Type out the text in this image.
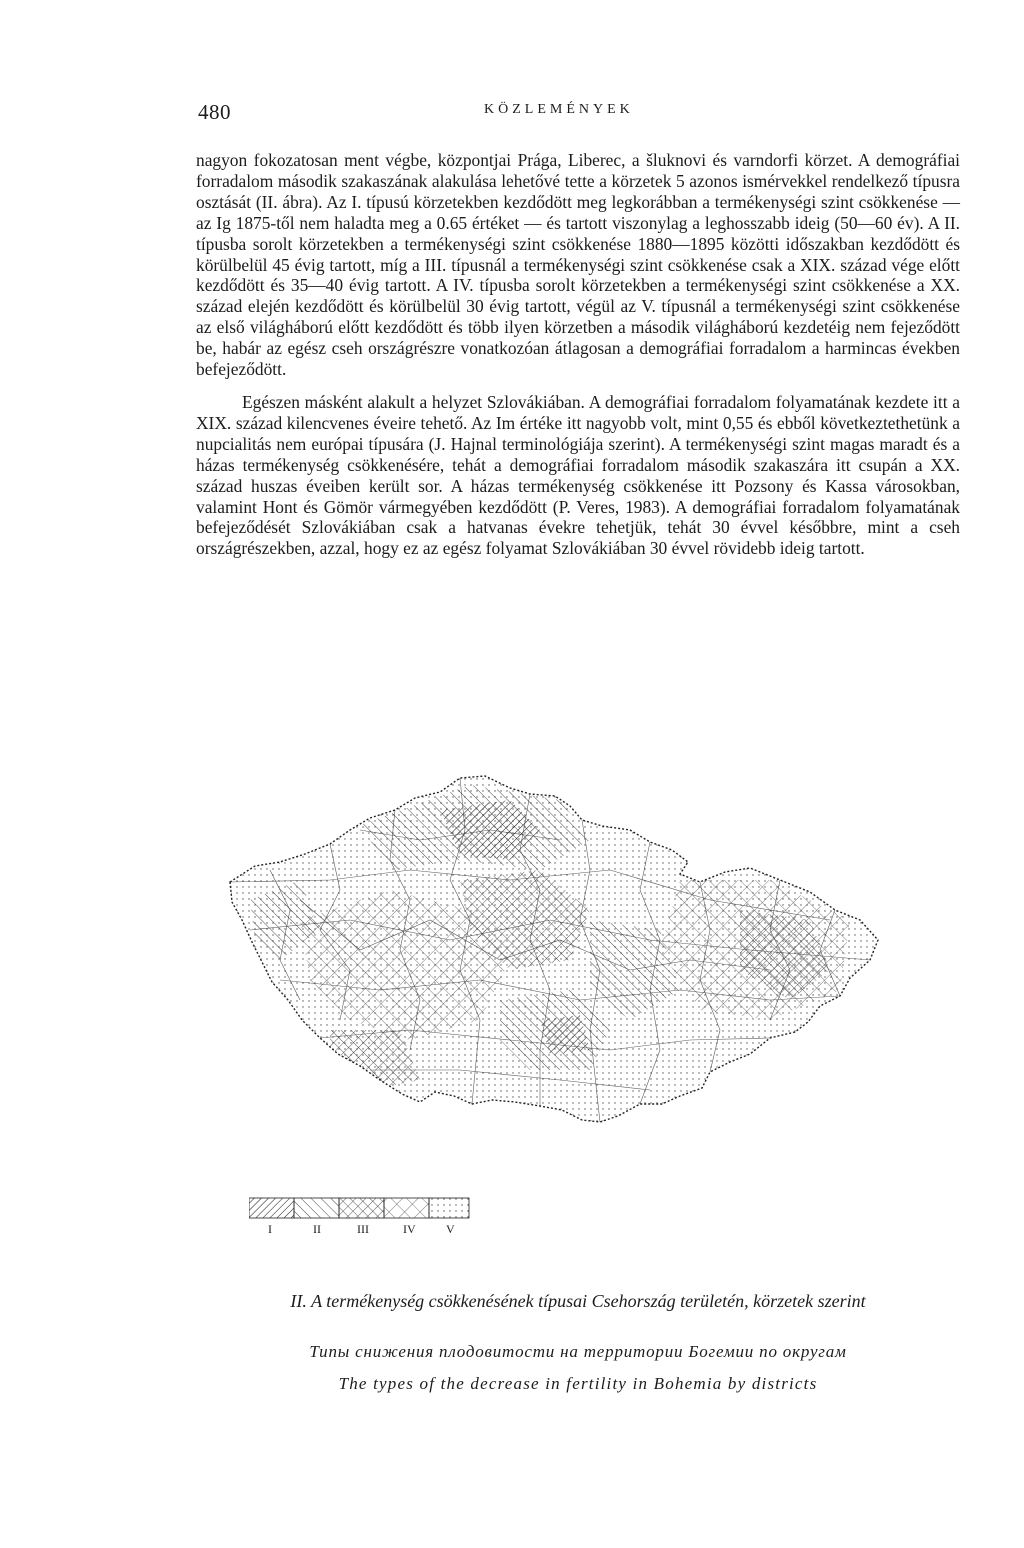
480	KÖZLEMÉNYEK

nagyon fokozatosan ment végbe, központjai Prága, Liberec, a šluknovi és varndorfi körzet. A demográfiai forradalom második szakaszának alakulása lehetővé tette a körzetek 5 azonos ismérvekkel rendelkező típusra osztását (II. ábra). Az I. típusú körzetekben kezdődött meg legkorábban a termékenységi szint csökkenése — az Ig 1875-től nem haladta meg a 0.65 értéket — és tartott viszonylag a leghosszabb ideig (50—60 év). A II. típusba sorolt körzetekben a termékenységi szint csökkenése 1880—1895 közötti időszakban kezdődött és körülbelül 45 évig tartott, míg a III. típusnál a termékenységi szint csökkenése csak a XIX. század vége előtt kezdődött és 35—40 évig tartott. A IV. típusba sorolt körzetekben a termékenységi szint csökkenése a XX. század elején kezdődött és körülbelül 30 évig tartott, végül az V. típusnál a termékenységi szint csökkenése az első világháború előtt kezdődött és több ilyen körzetben a második világháború kezdetéig nem fejeződött be, habár az egész cseh országrészre vonatkozóan átlagosan a demográfiai forradalom a harmincas években befejeződött.

Egészen másként alakult a helyzet Szlovákiában. A demográfiai forradalom folyamatának kezdete itt a XIX. század kilencvenes éveire tehető. Az Im értéke itt nagyobb volt, mint 0,55 és ebből következtethetünk a nupcialitás nem európai típusára (J. Hajnal terminológiája szerint). A termékenységi szint magas maradt és a házas termékenység csökkenésére, tehát a demográfiai forradalom második szakaszára itt csupán a XX. század huszas éveiben került sor. A házas termékenység csökkenése itt Pozsony és Kassa városokban, valamint Hont és Gömör vármegyében kezdődött (P. Veres, 1983). A demográfiai forradalom folyamatának befejeződését Szlovákiában csak a hatvanas évekre tehetjük, tehát 30 évvel későbbre, mint a cseh országrészekben, azzal, hogy ez az egész folyamat Szlovákiában 30 évvel rövidebb ideig tartott.

I	II	III	IV	V
II. A termékenység csökkenésének típusai Csehország területén, körzetek szerint
Типы снижения плодовитости на территории Богемии по округам
The types of the decrease in fertility in Bohemia by districts
